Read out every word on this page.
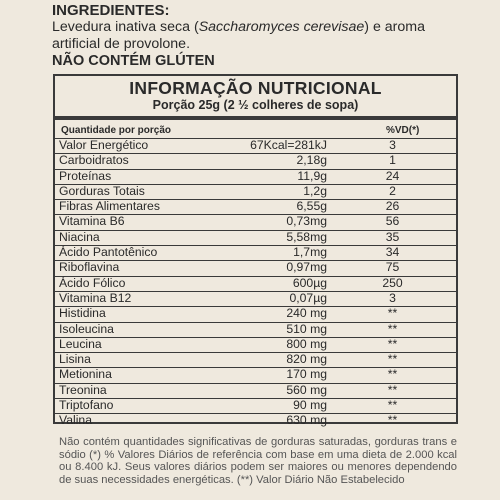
INGREDIENTES:
Levedura inativa seca (Saccharomyces cerevisae) e aroma artificial de provolone.
NÃO CONTÉM GLÚTEN
INFORMAÇÃO NUTRICIONAL
Porção 25g (2 ½ colheres de sopa)
Quantidade por porção	%VD(*)
Valor Energético	67Kcal=281kJ	3
Carboidratos	2,18g	1
Proteínas	11,9g	24
Gorduras Totais	1,2g	2
Fibras Alimentares	6,55g	26
Vitamina B6	0,73mg	56
Niacina	5,58mg	35
Ácido Pantotênico	1,7mg	34
Riboflavina	0,97mg	75
Ácido Fólico	600µg	250
Vitamina B12	0,07µg	3
Histidina	240 mg	**
Isoleucina	510 mg	**
Leucina	800 mg	**
Lisina	820 mg	**
Metionina	170 mg	**
Treonina	560 mg	**
Triptofano	90 mg	**
Valina	630 mg	**
Não contém quantidades significativas de gorduras saturadas, gorduras trans e sódio (*) % Valores Diários de referência com base em uma dieta de 2.000 kcal ou 8.400 kJ. Seus valores diários podem ser maiores ou menores dependendo de suas necessidades energéticas. (**) Valor Diário Não Estabelecido
